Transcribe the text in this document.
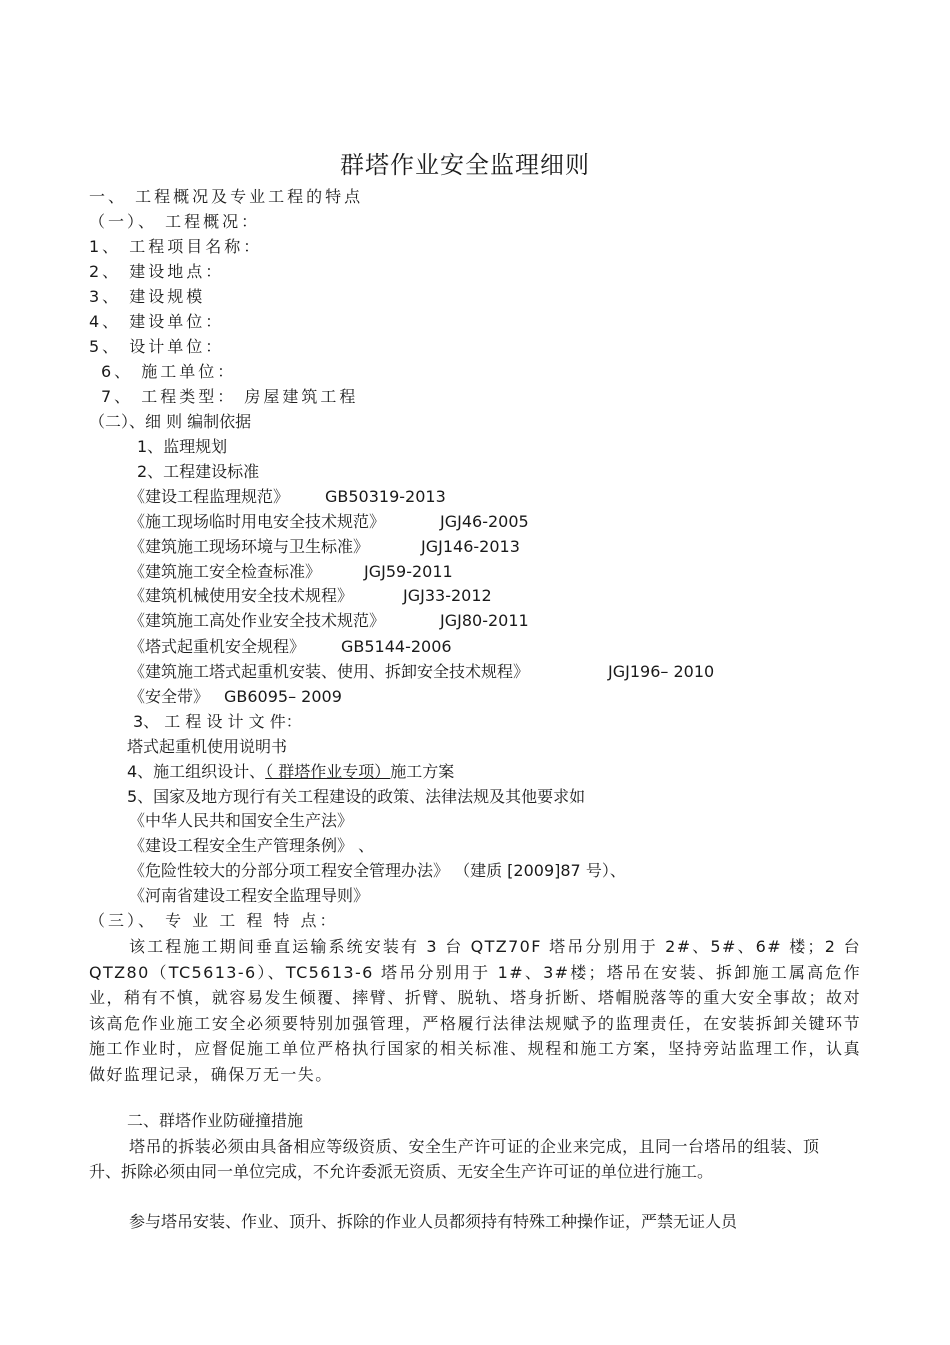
群塔作业安全监理细则
一、 工程概况及专业工程的特点
（一）、 工程概况：
1、 工程项目名称：
2、 建设地点：
3、 建设规模
4、 建设单位：
5、 设计单位：
6、 施工单位：
7、 工程类型： 房屋建筑工程
（二）、细 则 编制依据
1、监理规划
2、工程建设标准
《建设工程监理规范》 GB50319-2013
《施工现场临时用电安全技术规范》	JGJ46-2005
《建筑施工现场环境与卫生标准》	JGJ146-2013
《建筑施工安全检查标准》	JGJ59-2011
《建筑机械使用安全技术规程》	JGJ33-2012
《建筑施工高处作业安全技术规范》	JGJ80-2011
《塔式起重机安全规程》 GB5144-2006
《建筑施工塔式起重机安装、使用、拆卸安全技术规程》	JGJ196– 2010
《安全带》 GB6095– 2009
3、 工 程 设 计 文 件：
塔式起重机使用说明书
4、施工组织设计、（ 群塔作业专项）施工方案
5、国家及地方现行有关工程建设的政策、法律法规及其他要求如
《中华人民共和国安全生产法》
《建设工程安全生产管理条例》 、
《危险性较大的分部分项工程安全管理办法》 （建质 [2009]87 号）、
《河南省建设工程安全监理导则》
（三）、 专 业 工 程 特 点：
该工程施工期间垂直运输系统安装有 3 台 QTZ70F 塔吊分别用于 2#、5#、6# 楼；2 台 QTZ80（TC5613-6）、TC5613-6 塔吊分别用于 1#、3#楼；塔吊在安装、拆卸施工属高危作业，稍有不慎，就容易发生倾覆、摔臂、折臂、脱轨、塔身折断、塔帽脱落等的重大安全事故；故对该高危作业施工安全必须要特别加强管理，严格履行法律法规赋予的监理责任，在安装拆卸关键环节施工作业时，应督促施工单位严格执行国家的相关标准、规程和施工方案，坚持旁站监理工作，认真做好监理记录，确保万无一失。
二、群塔作业防碰撞措施
塔吊的拆装必须由具备相应等级资质、安全生产许可证的企业来完成，且同一台塔吊的组装、顶升、拆除必须由同一单位完成，不允许委派无资质、无安全生产许可证的单位进行施工。
参与塔吊安装、作业、顶升、拆除的作业人员都须持有特殊工种操作证，严禁无证人员
